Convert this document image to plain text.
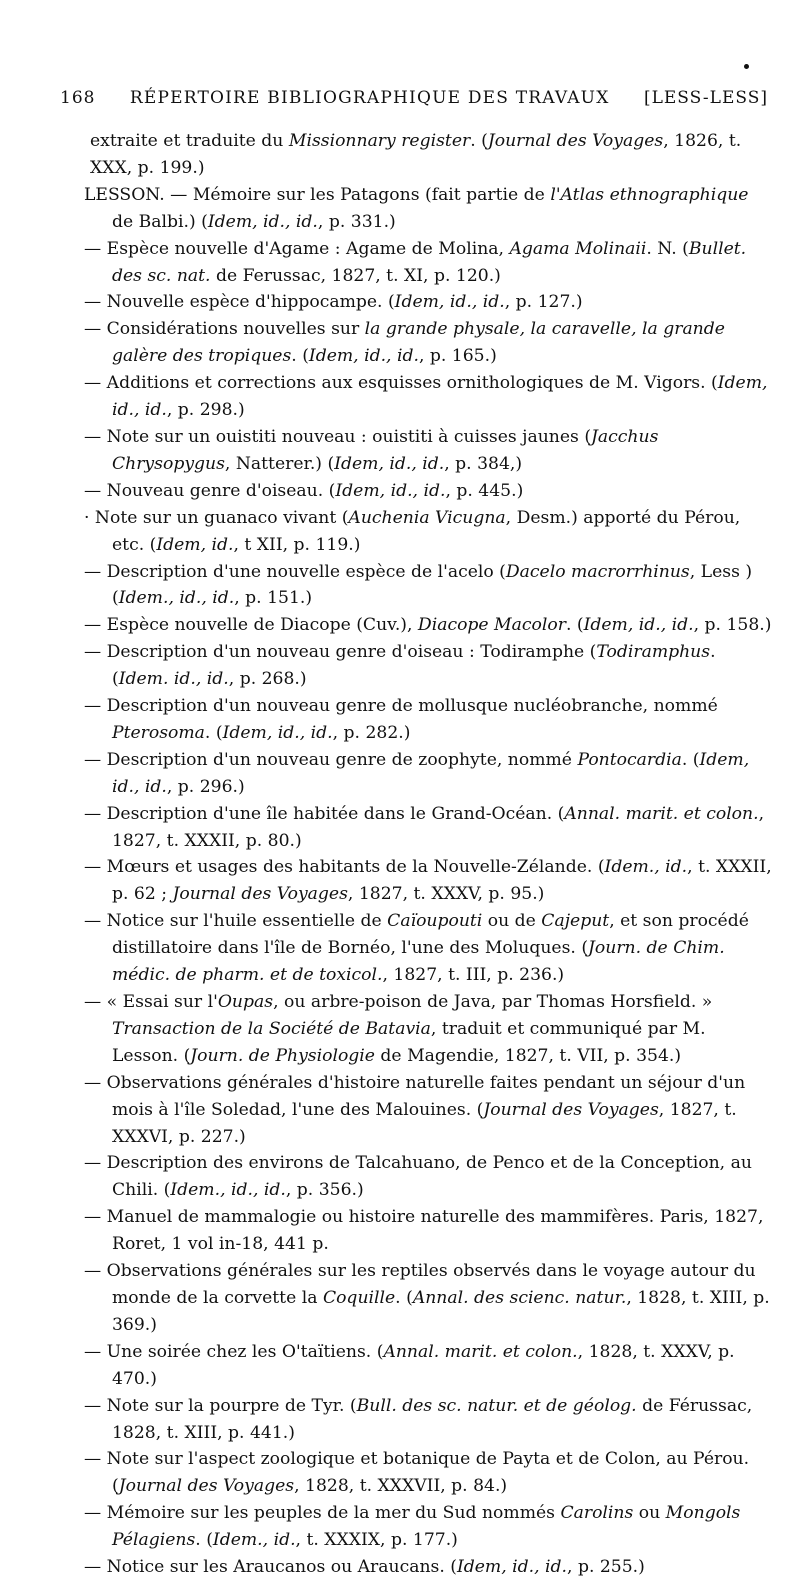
168 RÉPERTOIRE BIBLIOGRAPHIQUE DES TRAVAUX [LESS-LESS]

extraite et traduite du Missionnary register. (Journal des Voyages, 1826, t. XXX, p. 199.)

LESSON. — Mémoire sur les Patagons (fait partie de l'Atlas ethnographique de Balbi.) (Idem, id., id., p. 331.)

— Espèce nouvelle d'Agame : Agame de Molina, Agama Molinaii. N. (Bullet. des sc. nat. de Ferussac, 1827, t. XI, p. 120.)

— Nouvelle espèce d'hippocampe. (Idem, id., id., p. 127.)

— Considérations nouvelles sur la grande physale, la caravelle, la grande galère des tropiques. (Idem, id., id., p. 165.)

— Additions et corrections aux esquisses ornithologiques de M. Vigors. (Idem, id., id., p. 298.)

— Note sur un ouistiti nouveau : ouistiti à cuisses jaunes (Jacchus Chrysopygus, Natterer.) (Idem, id., id., p. 384,)

— Nouveau genre d'oiseau. (Idem, id., id., p. 445.)

· Note sur un guanaco vivant (Auchenia Vicugna, Desm.) apporté du Pérou, etc. (Idem, id., t XII, p. 119.)

— Description d'une nouvelle espèce de l'acelo (Dacelo macrorrhinus, Less ) (Idem., id., id., p. 151.)

— Espèce nouvelle de Diacope (Cuv.), Diacope Macolor. (Idem, id., id., p. 158.)

— Description d'un nouveau genre d'oiseau : Todiramphe (Todiramphus. (Idem. id., id., p. 268.)

— Description d'un nouveau genre de mollusque nucléobranche, nommé Pterosoma. (Idem, id., id., p. 282.)

— Description d'un nouveau genre de zoophyte, nommé Pontocardia. (Idem, id., id., p. 296.)

— Description d'une île habitée dans le Grand-Océan. (Annal. marit. et colon., 1827, t. XXXII, p. 80.)

— Mœurs et usages des habitants de la Nouvelle-Zélande. (Idem., id., t. XXXII, p. 62 ; Journal des Voyages, 1827, t. XXXV, p. 95.)

— Notice sur l'huile essentielle de Caïoupouti ou de Cajeput, et son procédé distillatoire dans l'île de Bornéo, l'une des Moluques. (Journ. de Chim. médic. de pharm. et de toxicol., 1827, t. III, p. 236.)

— « Essai sur l'Oupas, ou arbre-poison de Java, par Thomas Horsfield. » Transaction de la Société de Batavia, traduit et communiqué par M. Lesson. (Journ. de Physiologie de Magendie, 1827, t. VII, p. 354.)

— Observations générales d'histoire naturelle faites pendant un séjour d'un mois à l'île Soledad, l'une des Malouines. (Journal des Voyages, 1827, t. XXXVI, p. 227.)

— Description des environs de Talcahuano, de Penco et de la Conception, au Chili. (Idem., id., id., p. 356.)

— Manuel de mammalogie ou histoire naturelle des mammifères. Paris, 1827, Roret, 1 vol in-18, 441 p.

— Observations générales sur les reptiles observés dans le voyage autour du monde de la corvette la Coquille. (Annal. des scienc. natur., 1828, t. XIII, p. 369.)

— Une soirée chez les O'taïtiens. (Annal. marit. et colon., 1828, t. XXXV, p. 470.)

— Note sur la pourpre de Tyr. (Bull. des sc. natur. et de géolog. de Férussac, 1828, t. XIII, p. 441.)

— Note sur l'aspect zoologique et botanique de Payta et de Colon, au Pérou. (Journal des Voyages, 1828, t. XXXVII, p. 84.)

— Mémoire sur les peuples de la mer du Sud nommés Carolins ou Mongols Pélagiens. (Idem., id., t. XXXIX, p. 177.)

— Notice sur les Araucanos ou Araucans. (Idem, id., id., p. 255.)
